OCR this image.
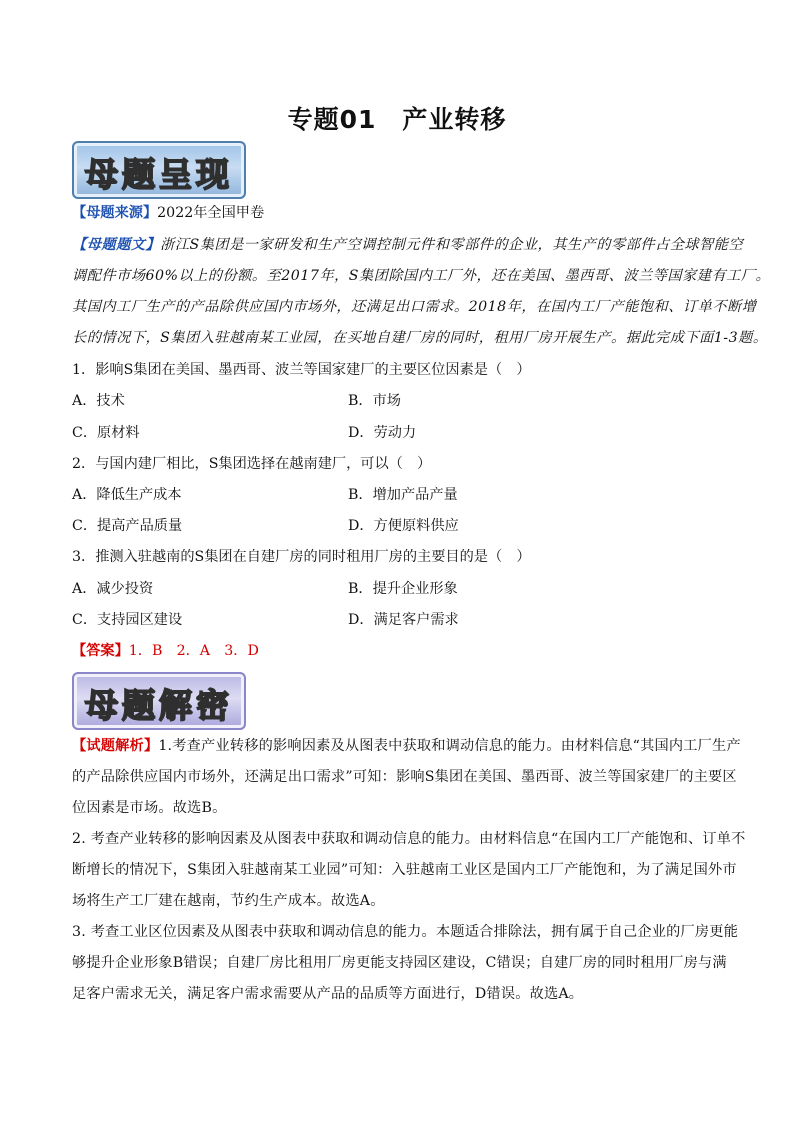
专题01　产业转移
母题呈现
【母题来源】2022年全国甲卷
【母题题文】浙江S集团是一家研发和生产空调控制元件和零部件的企业，其生产的零部件占全球智能空
调配件市场60%以上的份额。至2017年，S集团除国内工厂外，还在美国、墨西哥、波兰等国家建有工厂。
其国内工厂生产的产品除供应国内市场外，还满足出口需求。2018年，在国内工厂产能饱和、订单不断增
长的情况下，S集团入驻越南某工业园，在买地自建厂房的同时，租用厂房开展生产。据此完成下面1-3题。
1．影响S集团在美国、墨西哥、波兰等国家建厂的主要区位因素是（　）
A．技术	B．市场
C．原材料	D．劳动力
2．与国内建厂相比，S集团选择在越南建厂，可以（　）
A．降低生产成本	B．增加产品产量
C．提高产品质量	D．方便原料供应
3．推测入驻越南的S集团在自建厂房的同时租用厂房的主要目的是（　）
A．减少投资	B．提升企业形象
C．支持园区建设	D．满足客户需求
【答案】1．B　2．A　3．D
母题解密
【试题解析】1.考查产业转移的影响因素及从图表中获取和调动信息的能力。由材料信息“其国内工厂生产
的产品除供应国内市场外，还满足出口需求”可知：影响S集团在美国、墨西哥、波兰等国家建厂的主要区
位因素是市场。故选B。
2. 考查产业转移的影响因素及从图表中获取和调动信息的能力。由材料信息“在国内工厂产能饱和、订单不
断增长的情况下，S集团入驻越南某工业园”可知：入驻越南工业区是国内工厂产能饱和，为了满足国外市
场将生产工厂建在越南，节约生产成本。故选A。
3. 考查工业区位因素及从图表中获取和调动信息的能力。本题适合排除法，拥有属于自己企业的厂房更能
够提升企业形象B错误；自建厂房比租用厂房更能支持园区建设，C错误；自建厂房的同时租用厂房与满
足客户需求无关，满足客户需求需要从产品的品质等方面进行，D错误。故选A。
